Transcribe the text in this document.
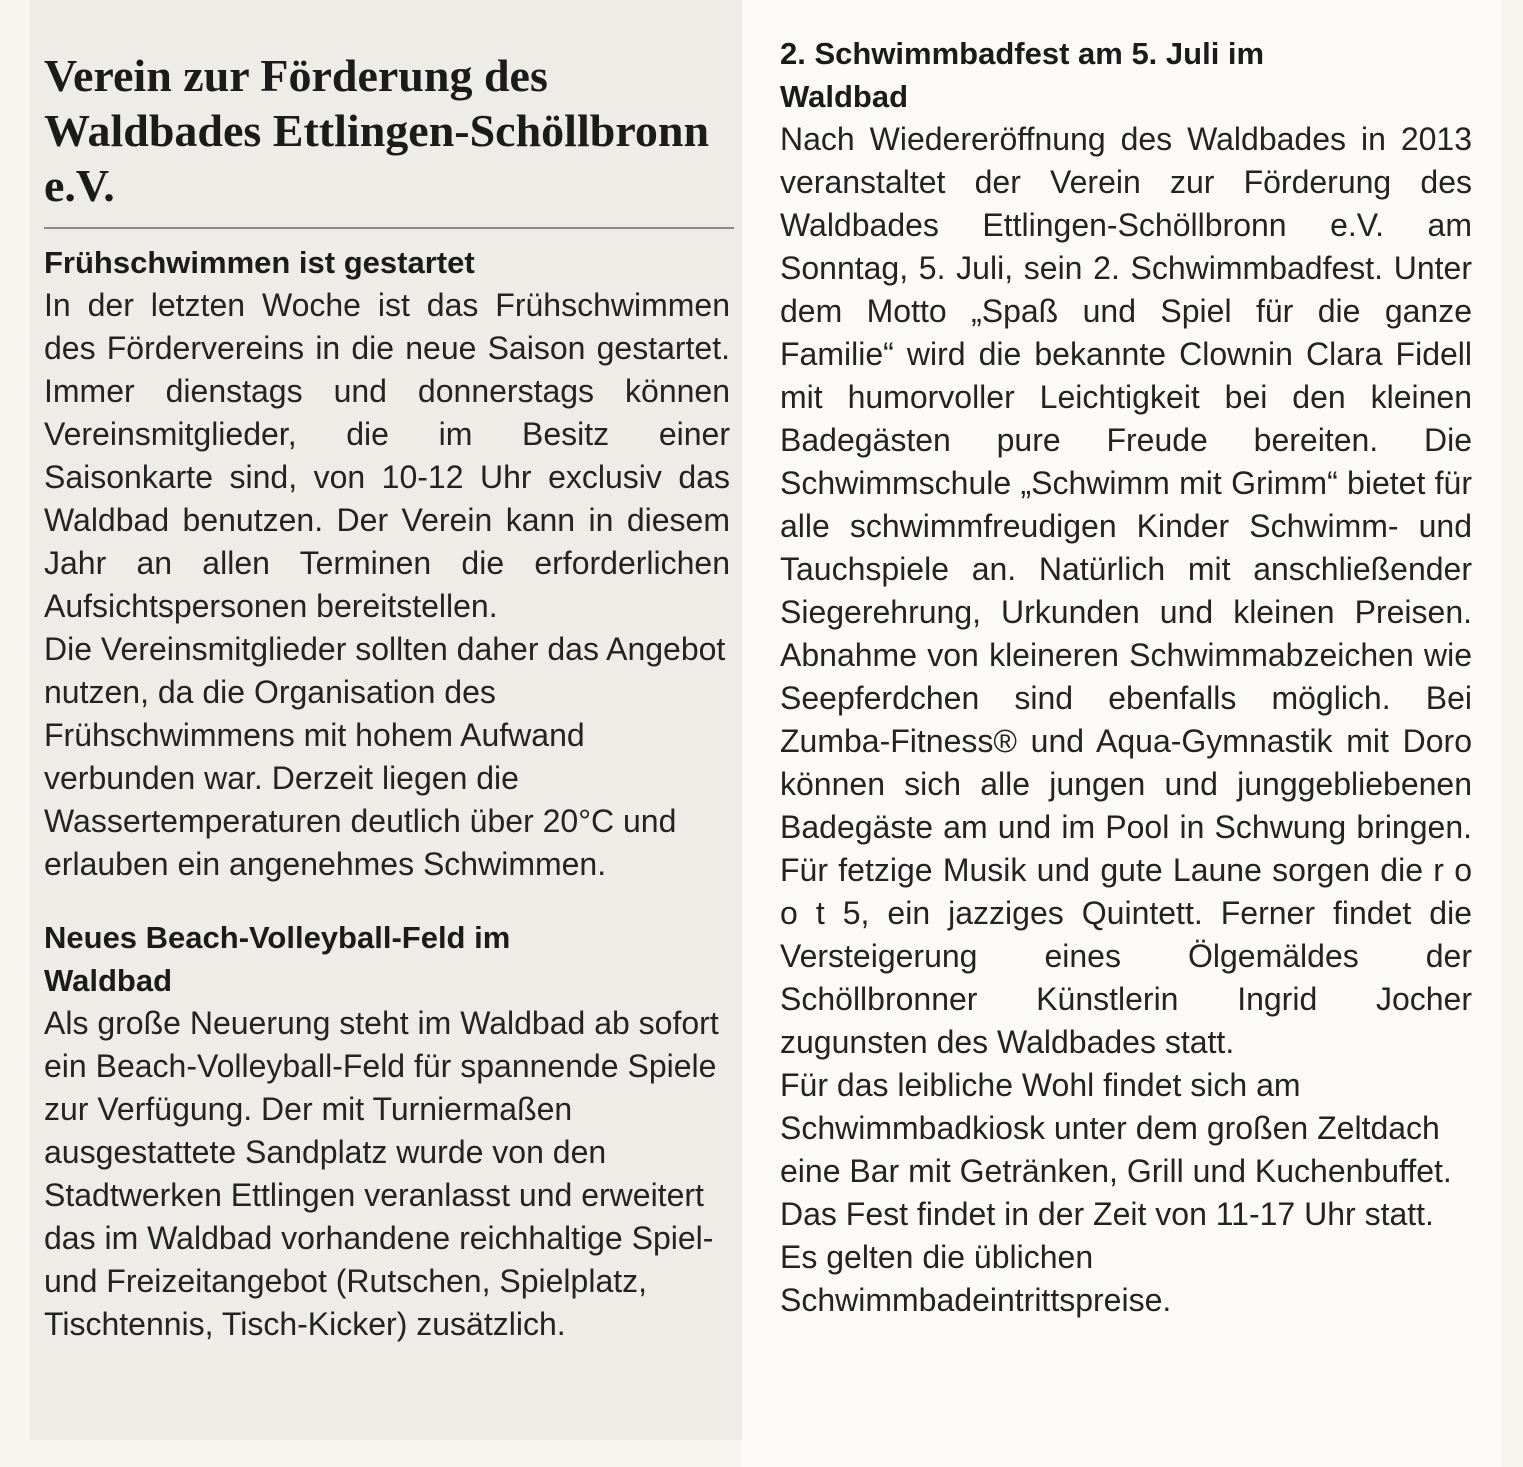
Verein zur Förderung des Waldbades Ettlingen-Schöllbronn e.V.
Frühschwimmen ist gestartet

In der letzten Woche ist das Frühschwimmen des Fördervereins in die neue Saison gestartet. Immer dienstags und donnerstags können Vereinsmitglieder, die im Besitz einer Saisonkarte sind, von 10-12 Uhr exclusiv das Waldbad benutzen. Der Verein kann in diesem Jahr an allen Terminen die erforderlichen Aufsichtspersonen bereitstellen.

Die Vereinsmitglieder sollten daher das Angebot nutzen, da die Organisation des Frühschwimmens mit hohem Aufwand verbunden war. Derzeit liegen die Wassertemperaturen deutlich über 20°C und erlauben ein angenehmes Schwimmen.

Neues Beach-Volleyball-Feld im Waldbad

Als große Neuerung steht im Waldbad ab sofort ein Beach-Volleyball-Feld für spannende Spiele zur Verfügung. Der mit Turniermaßen ausgestattete Sandplatz wurde von den Stadtwerken Ettlingen veranlasst und erweitert das im Waldbad vorhandene reichhaltige Spiel- und Freizeitangebot (Rutschen, Spielplatz, Tischtennis, Tisch-Kicker) zusätzlich.

2. Schwimmbadfest am 5. Juli im Waldbad

Nach Wiedereröffnung des Waldbades in 2013 veranstaltet der Verein zur Förderung des Waldbades Ettlingen-Schöllbronn e.V. am Sonntag, 5. Juli, sein 2. Schwimmbadfest. Unter dem Motto „Spaß und Spiel für die ganze Familie“ wird die bekannte Clownin Clara Fidell mit humorvoller Leichtigkeit bei den kleinen Badegästen pure Freude bereiten. Die Schwimmschule „Schwimm mit Grimm“ bietet für alle schwimmfreudigen Kinder Schwimm- und Tauchspiele an. Natürlich mit anschließender Siegerehrung, Urkunden und kleinen Preisen. Abnahme von kleineren Schwimmabzeichen wie Seepferdchen sind ebenfalls möglich. Bei Zumba-Fitness® und Aqua-Gymnastik mit Doro können sich alle jungen und junggebliebenen Badegäste am und im Pool in Schwung bringen. Für fetzige Musik und gute Laune sorgen die r o o t 5, ein jazziges Quintett. Ferner findet die Versteigerung eines Ölgemäldes der Schöllbronner Künstlerin Ingrid Jocher zugunsten des Waldbades statt.

Für das leibliche Wohl findet sich am Schwimmbadkiosk unter dem großen Zeltdach eine Bar mit Getränken, Grill und Kuchenbuffet. Das Fest findet in der Zeit von 11-17 Uhr statt. Es gelten die üblichen Schwimmbadeintrittspreise.
